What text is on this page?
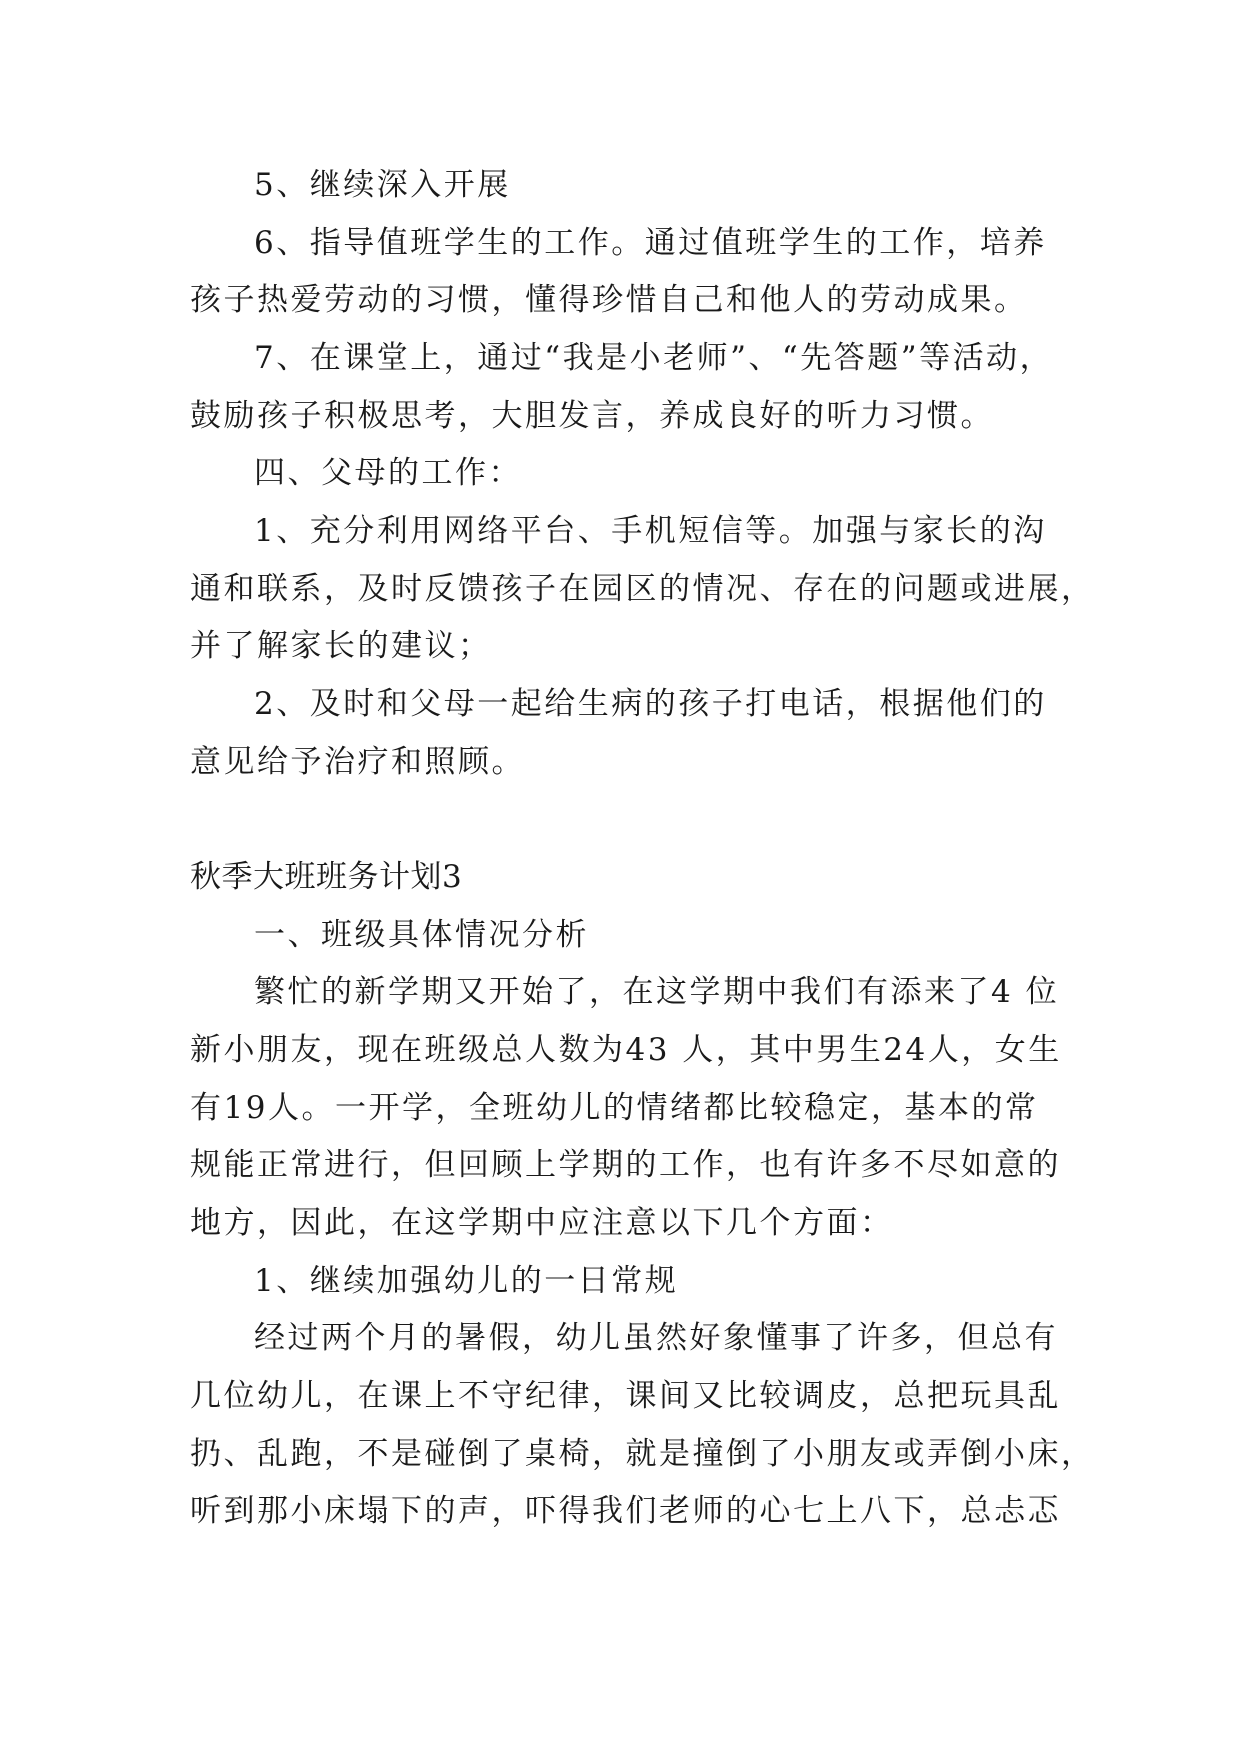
5、继续深入开展

6、指导值班学生的工作。通过值班学生的工作，培养

孩子热爱劳动的习惯，懂得珍惜自己和他人的劳动成果。

7、在课堂上，通过“我是小老师”、“先答题”等活动，

鼓励孩子积极思考，大胆发言，养成良好的听力习惯。

四、父母的工作：

1、充分利用网络平台、手机短信等。加强与家长的沟

通和联系，及时反馈孩子在园区的情况、存在的问题或进展，

并了解家长的建议；

2、及时和父母一起给生病的孩子打电话，根据他们的

意见给予治疗和照顾。

秋季大班班务计划3

一、班级具体情况分析

繁忙的新学期又开始了，在这学期中我们有添来了4 位

新小朋友，现在班级总人数为43 人，其中男生24人，女生

有19人。一开学，全班幼儿的情绪都比较稳定，基本的常

规能正常进行，但回顾上学期的工作，也有许多不尽如意的

地方，因此，在这学期中应注意以下几个方面：

1、继续加强幼儿的一日常规

经过两个月的暑假，幼儿虽然好象懂事了许多，但总有

几位幼儿，在课上不守纪律，课间又比较调皮，总把玩具乱

扔、乱跑，不是碰倒了桌椅，就是撞倒了小朋友或弄倒小床，

听到那小床塌下的声，吓得我们老师的心七上八下，总忐忑
